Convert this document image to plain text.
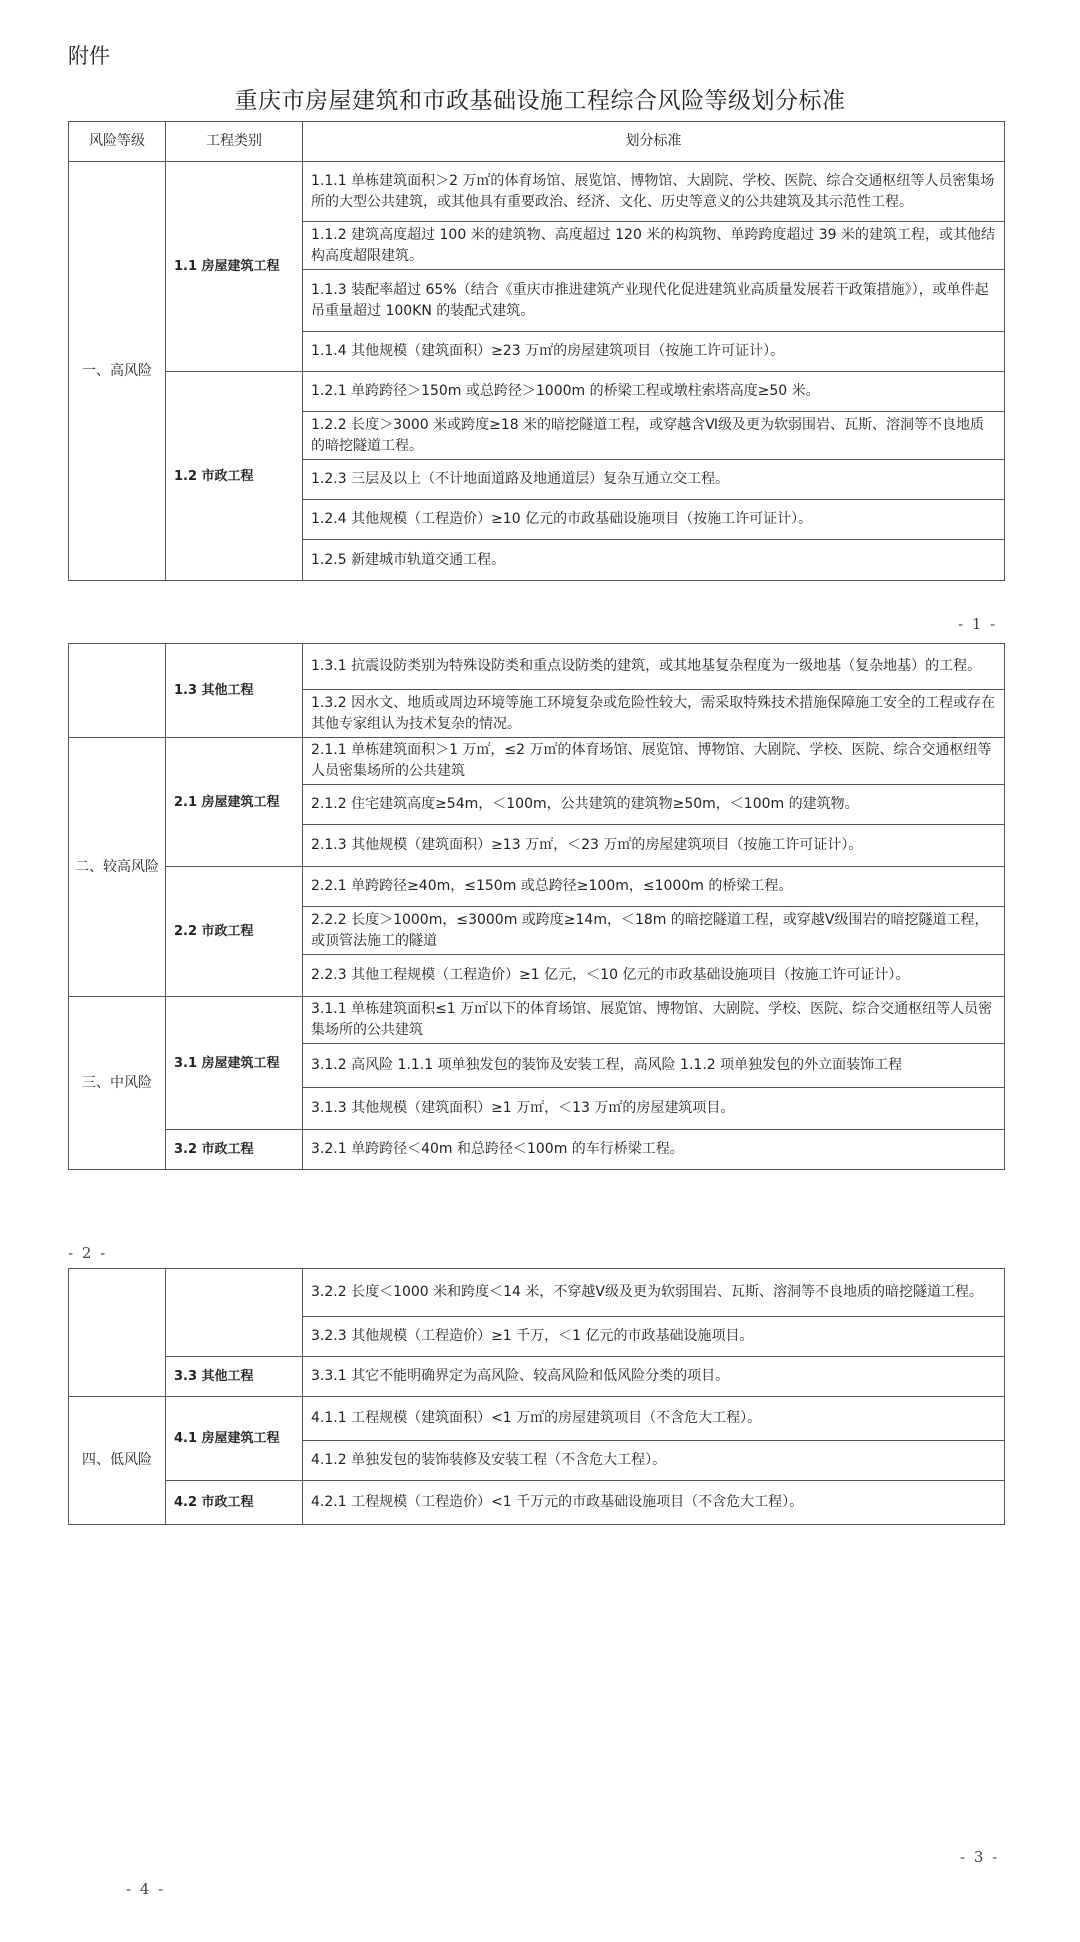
附件
重庆市房屋建筑和市政基础设施工程综合风险等级划分标准
风险等级	工程类别	划分标准
一、高风险	1.1 房屋建筑工程	1.1.1 单栋建筑面积＞2 万㎡的体育场馆、展览馆、博物馆、大剧院、学校、医院、综合交通枢纽等人员密集场所的大型公共建筑，或其他具有重要政治、经济、文化、历史等意义的公共建筑及其示范性工程。
		1.1.2 建筑高度超过 100 米的建筑物、高度超过 120 米的构筑物、单跨跨度超过 39 米的建筑工程，或其他结构高度超限建筑。
		1.1.3 装配率超过 65%（结合《重庆市推进建筑产业现代化促进建筑业高质量发展若干政策措施》），或单件起吊重量超过 100KN 的装配式建筑。
		1.1.4 其他规模（建筑面积）≥23 万㎡的房屋建筑项目（按施工许可证计）。
	1.2 市政工程	1.2.1 单跨跨径＞150m 或总跨径＞1000m 的桥梁工程或墩柱索塔高度≥50 米。
		1.2.2 长度＞3000 米或跨度≥18 米的暗挖隧道工程，或穿越含Ⅵ级及更为软弱围岩、瓦斯、溶洞等不良地质的暗挖隧道工程。
		1.2.3 三层及以上（不计地面道路及地通道层）复杂互通立交工程。
		1.2.4 其他规模（工程造价）≥10 亿元的市政基础设施项目（按施工许可证计）。
		1.2.5 新建城市轨道交通工程。
- 1 -
	1.3 其他工程	1.3.1 抗震设防类别为特殊设防类和重点设防类的建筑，或其地基复杂程度为一级地基（复杂地基）的工程。
		1.3.2 因水文、地质或周边环境等施工环境复杂或危险性较大，需采取特殊技术措施保障施工安全的工程或存在其他专家组认为技术复杂的情况。
二、较高风险	2.1 房屋建筑工程	2.1.1 单栋建筑面积＞1 万㎡，≤2 万㎡的体育场馆、展览馆、博物馆、大剧院、学校、医院、综合交通枢纽等人员密集场所的公共建筑
		2.1.2 住宅建筑高度≥54m，＜100m，公共建筑的建筑物≥50m，＜100m 的建筑物。
		2.1.3 其他规模（建筑面积）≥13 万㎡，＜23 万㎡的房屋建筑项目（按施工许可证计）。
	2.2 市政工程	2.2.1 单跨跨径≥40m，≤150m 或总跨径≥100m，≤1000m 的桥梁工程。
		2.2.2 长度＞1000m，≤3000m 或跨度≥14m，＜18m 的暗挖隧道工程，或穿越Ⅴ级围岩的暗挖隧道工程，或顶管法施工的隧道
		2.2.3 其他工程规模（工程造价）≥1 亿元，＜10 亿元的市政基础设施项目（按施工许可证计）。
三、中风险	3.1 房屋建筑工程	3.1.1 单栋建筑面积≤1 万㎡以下的体育场馆、展览馆、博物馆、大剧院、学校、医院、综合交通枢纽等人员密集场所的公共建筑
		3.1.2 高风险 1.1.1 项单独发包的装饰及安装工程，高风险 1.1.2 项单独发包的外立面装饰工程
		3.1.3 其他规模（建筑面积）≥1 万㎡，＜13 万㎡的房屋建筑项目。
	3.2 市政工程	3.2.1 单跨跨径＜40m 和总跨径＜100m 的车行桥梁工程。
- 2 -
		3.2.2 长度＜1000 米和跨度＜14 米，不穿越Ⅴ级及更为软弱围岩、瓦斯、溶洞等不良地质的暗挖隧道工程。
		3.2.3 其他规模（工程造价）≥1 千万，＜1 亿元的市政基础设施项目。
	3.3 其他工程	3.3.1 其它不能明确界定为高风险、较高风险和低风险分类的项目。
四、低风险	4.1 房屋建筑工程	4.1.1 工程规模（建筑面积）<1 万㎡的房屋建筑项目（不含危大工程）。
		4.1.2 单独发包的装饰装修及安装工程（不含危大工程）。
	4.2 市政工程	4.2.1 工程规模（工程造价）<1 千万元的市政基础设施项目（不含危大工程）。
- 3 -
- 4 -
